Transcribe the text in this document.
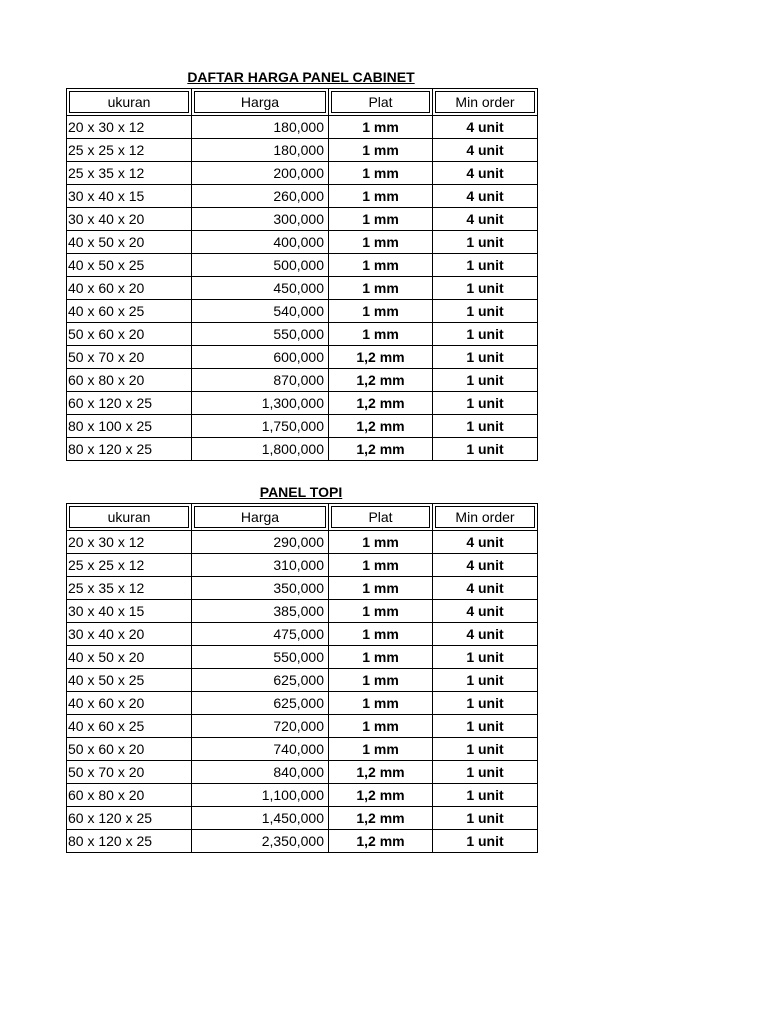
DAFTAR HARGA PANEL CABINET
ukuran	Harga	Plat	Min order
20 x 30 x 12	180,000	1 mm	4 unit
25 x 25 x 12	180,000	1 mm	4 unit
25 x 35 x 12	200,000	1 mm	4 unit
30 x 40 x 15	260,000	1 mm	4 unit
30 x 40 x 20	300,000	1 mm	4 unit
40 x 50 x 20	400,000	1 mm	1 unit
40 x 50 x 25	500,000	1 mm	1 unit
40 x 60 x 20	450,000	1 mm	1 unit
40 x 60 x 25	540,000	1 mm	1 unit
50 x 60 x 20	550,000	1 mm	1 unit
50 x 70 x 20	600,000	1,2 mm	1 unit
60 x 80 x 20	870,000	1,2 mm	1 unit
60 x 120 x 25	1,300,000	1,2 mm	1 unit
80 x 100 x 25	1,750,000	1,2 mm	1 unit
80 x 120 x 25	1,800,000	1,2 mm	1 unit
PANEL TOPI
ukuran	Harga	Plat	Min order
20 x 30 x 12	290,000	1 mm	4 unit
25 x 25 x 12	310,000	1 mm	4 unit
25 x 35 x 12	350,000	1 mm	4 unit
30 x 40 x 15	385,000	1 mm	4 unit
30 x 40 x 20	475,000	1 mm	4 unit
40 x 50 x 20	550,000	1 mm	1 unit
40 x 50 x 25	625,000	1 mm	1 unit
40 x 60 x 20	625,000	1 mm	1 unit
40 x 60 x 25	720,000	1 mm	1 unit
50 x 60 x 20	740,000	1 mm	1 unit
50 x 70 x 20	840,000	1,2 mm	1 unit
60 x 80 x 20	1,100,000	1,2 mm	1 unit
60 x 120 x 25	1,450,000	1,2 mm	1 unit
80 x 120 x 25	2,350,000	1,2 mm	1 unit
